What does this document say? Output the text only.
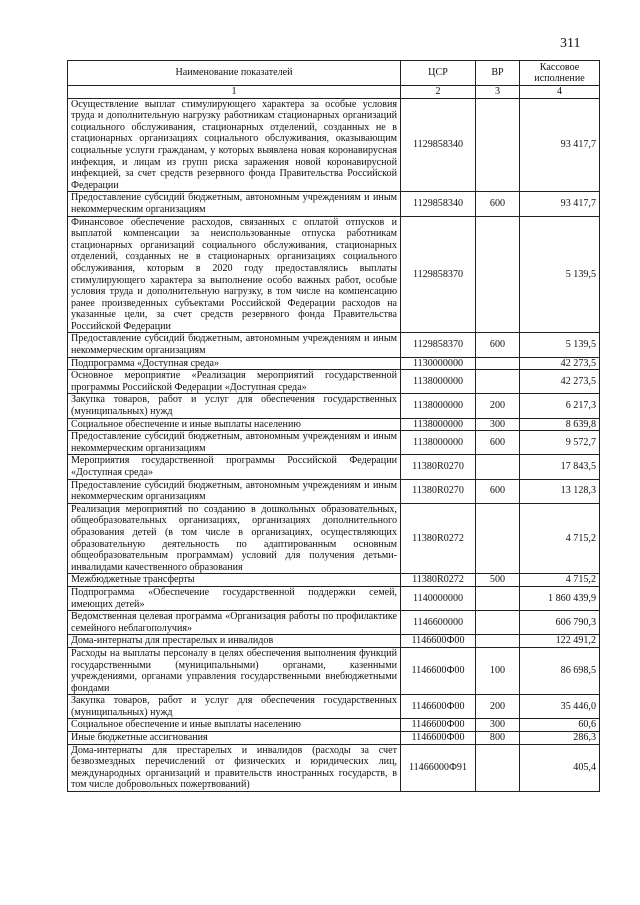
311
Наименование показателей	ЦСР	ВР	Кассовое исполнение
1	2	3	4
Осуществление выплат стимулирующего характера за особые условия труда и дополнительную нагрузку работникам стационарных организаций социального обслуживания, стационарных отделений, созданных не в стационарных организациях социального обслуживания, оказывающим социальные услуги гражданам, у которых выявлена новая коронавирусная инфекция, и лицам из групп риска заражения новой коронавирусной инфекцией, за счет средств резервного фонда Правительства Российской Федерации	1129858340		93 417,7
Предоставление субсидий бюджетным, автономным учреждениям и иным некоммерческим организациям	1129858340	600	93 417,7
Финансовое обеспечение расходов, связанных с оплатой отпусков и выплатой компенсации за неиспользованные отпуска работникам стационарных организаций социального обслуживания, стационарных отделений, созданных не в стационарных организациях социального обслуживания, которым в 2020 году предоставлялись выплаты стимулирующего характера за выполнение особо важных работ, особые условия труда и дополнительную нагрузку, в том числе на компенсацию ранее произведенных субъектами Российской Федерации расходов на указанные цели, за счет средств резервного фонда Правительства Российской Федерации	1129858370		5 139,5
Предоставление субсидий бюджетным, автономным учреждениям и иным некоммерческим организациям	1129858370	600	5 139,5
Подпрограмма «Доступная среда»	1130000000		42 273,5
Основное мероприятие «Реализация мероприятий государственной программы Российской Федерации «Доступная среда»	1138000000		42 273,5
Закупка товаров, работ и услуг для обеспечения государственных (муниципальных) нужд	1138000000	200	6 217,3
Социальное обеспечение и иные выплаты населению	1138000000	300	8 639,8
Предоставление субсидий бюджетным, автономным учреждениям и иным некоммерческим организациям	1138000000	600	9 572,7
Мероприятия государственной программы Российской Федерации «Доступная среда»	11380R0270		17 843,5
Предоставление субсидий бюджетным, автономным учреждениям и иным некоммерческим организациям	11380R0270	600	13 128,3
Реализация мероприятий по созданию в дошкольных образовательных, общеобразовательных организациях, организациях дополнительного образования детей (в том числе в организациях, осуществляющих образовательную деятельность по адаптированным основным общеобразовательным программам) условий для получения детьми-инвалидами качественного образования	11380R0272		4 715,2
Межбюджетные трансферты	11380R0272	500	4 715,2
Подпрограмма «Обеспечение государственной поддержки семей, имеющих детей»	1140000000		1 860 439,9
Ведомственная целевая программа «Организация работы по профилактике семейного неблагополучия»	1146600000		606 790,3
Дома-интернаты для престарелых и инвалидов	1146600Ф00		122 491,2
Расходы на выплаты персоналу в целях обеспечения выполнения функций государственными (муниципальными) органами, казенными учреждениями, органами управления государственными внебюджетными фондами	1146600Ф00	100	86 698,5
Закупка товаров, работ и услуг для обеспечения государственных (муниципальных) нужд	1146600Ф00	200	35 446,0
Социальное обеспечение и иные выплаты населению	1146600Ф00	300	60,6
Иные бюджетные ассигнования	1146600Ф00	800	286,3
Дома-интернаты для престарелых и инвалидов (расходы за счет безвозмездных перечислений от физических и юридических лиц, международных организаций и правительств иностранных государств, в том числе добровольных пожертвований)	11466000Ф91		405,4
